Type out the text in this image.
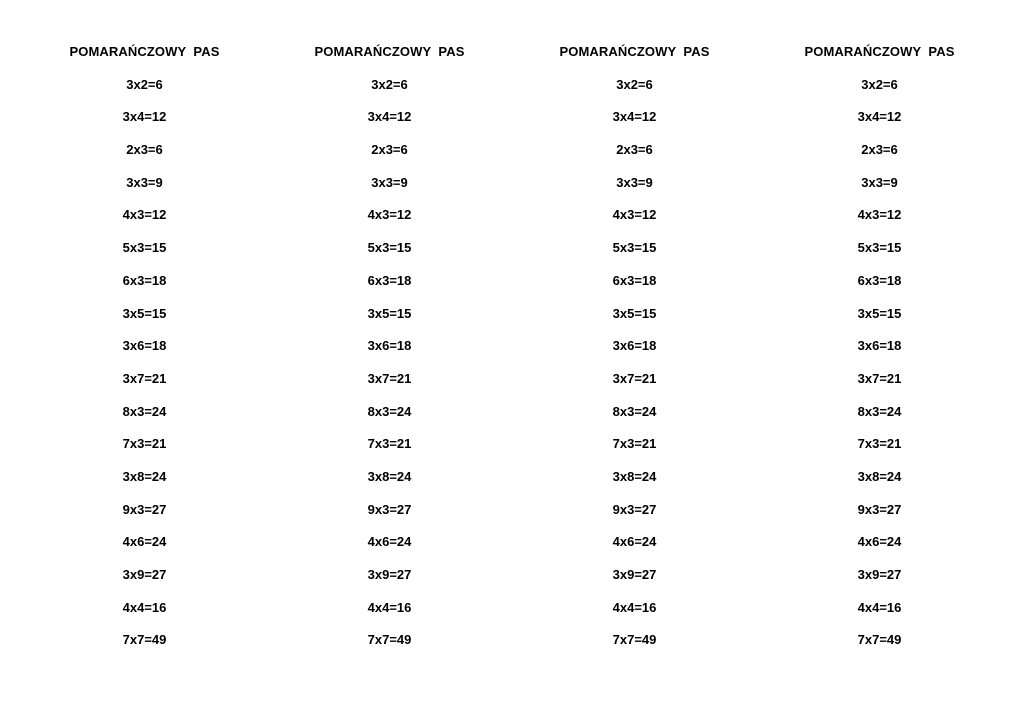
POMARAŃCZOWY  PAS
3x2=6
3x4=12
2x3=6
3x3=9
4x3=12
5x3=15
6x3=18
3x5=15
3x6=18
3x7=21
8x3=24
7x3=21
3x8=24
9x3=27
4x6=24
3x9=27
4x4=16
7x7=49
POMARAŃCZOWY  PAS
3x2=6
3x4=12
2x3=6
3x3=9
4x3=12
5x3=15
6x3=18
3x5=15
3x6=18
3x7=21
8x3=24
7x3=21
3x8=24
9x3=27
4x6=24
3x9=27
4x4=16
7x7=49
POMARAŃCZOWY  PAS
3x2=6
3x4=12
2x3=6
3x3=9
4x3=12
5x3=15
6x3=18
3x5=15
3x6=18
3x7=21
8x3=24
7x3=21
3x8=24
9x3=27
4x6=24
3x9=27
4x4=16
7x7=49
POMARAŃCZOWY  PAS
3x2=6
3x4=12
2x3=6
3x3=9
4x3=12
5x3=15
6x3=18
3x5=15
3x6=18
3x7=21
8x3=24
7x3=21
3x8=24
9x3=27
4x6=24
3x9=27
4x4=16
7x7=49
